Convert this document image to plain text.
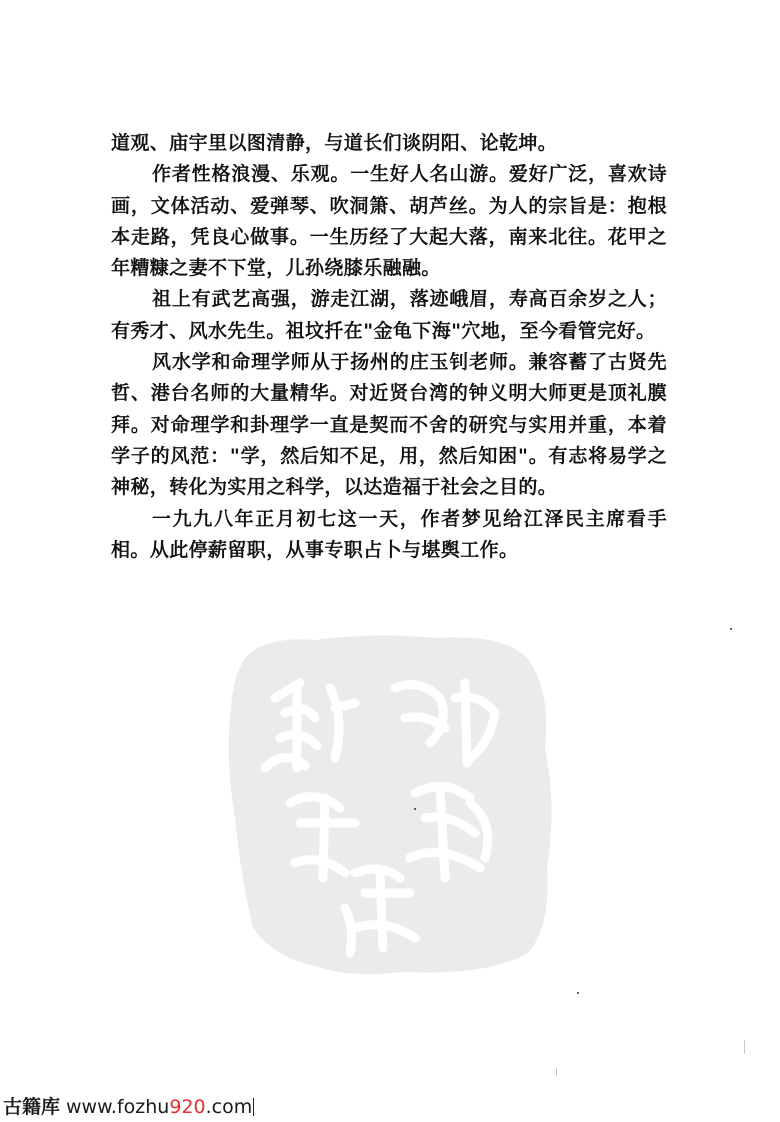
道观、庙宇里以图清静，与道长们谈阴阳、论乾坤。

作者性格浪漫、乐观。一生好人名山游。爱好广泛，喜欢诗画，文体活动、爱弹琴、吹洞箫、胡芦丝。为人的宗旨是：抱根本走路，凭良心做事。一生历经了大起大落，南来北往。花甲之年糟糠之妻不下堂，儿孙绕膝乐融融。

祖上有武艺高强，游走江湖，落迹峨眉，寿高百余岁之人；有秀才、风水先生。祖坟扦在"金龟下海"穴地，至今看管完好。

风水学和命理学师从于扬州的庄玉钊老师。兼容蓄了古贤先哲、港台名师的大量精华。对近贤台湾的钟义明大师更是顶礼膜拜。对命理学和卦理学一直是契而不舍的研究与实用并重，本着学子的风范："学，然后知不足，用，然后知困"。有志将易学之神秘，转化为实用之科学，以达造福于社会之目的。

一九九八年正月初七这一天，作者梦见给江泽民主席看手相。从此停薪留职，从事专职占卜与堪舆工作。

古籍库 www.fozhu920.com
